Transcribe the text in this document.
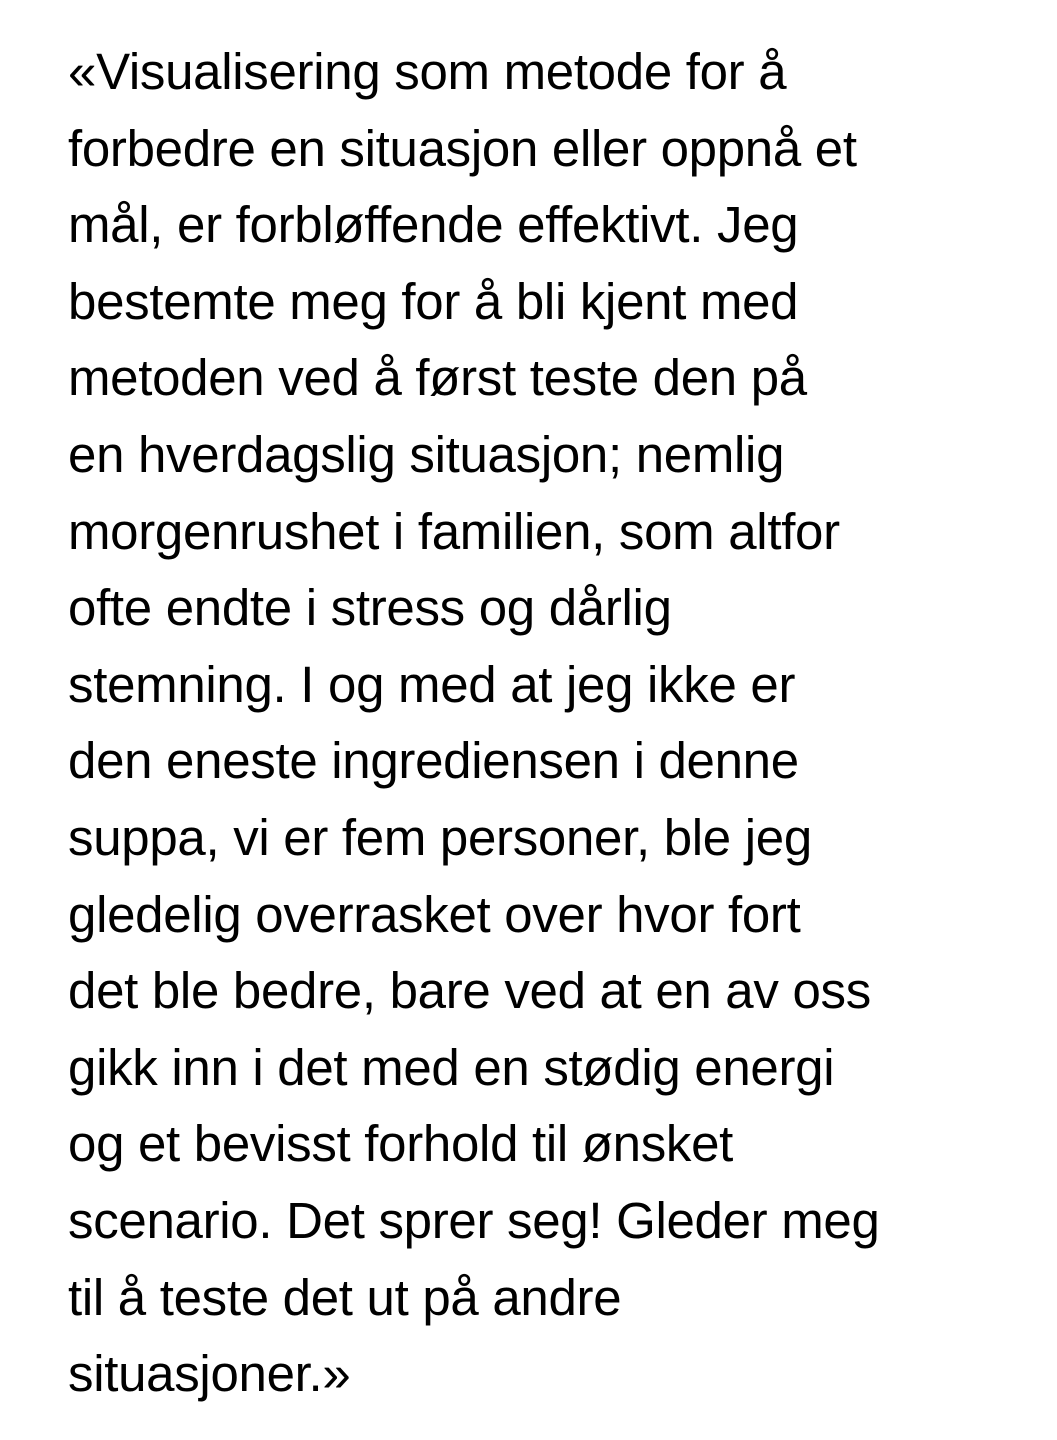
«Visualisering som metode for å
forbedre en situasjon eller oppnå et
mål, er forbløffende effektivt. Jeg
bestemte meg for å bli kjent med
metoden ved å først teste den på
en hverdagslig situasjon; nemlig
morgenrushet i familien, som altfor
ofte endte i stress og dårlig
stemning. I og med at jeg ikke er
den eneste ingrediensen i denne
suppa, vi er fem personer, ble jeg
gledelig overrasket over hvor fort
det ble bedre, bare ved at en av oss
gikk inn i det med en stødig energi
og et bevisst forhold til ønsket
scenario. Det sprer seg! Gleder meg
til å teste det ut på andre
situasjoner.»
